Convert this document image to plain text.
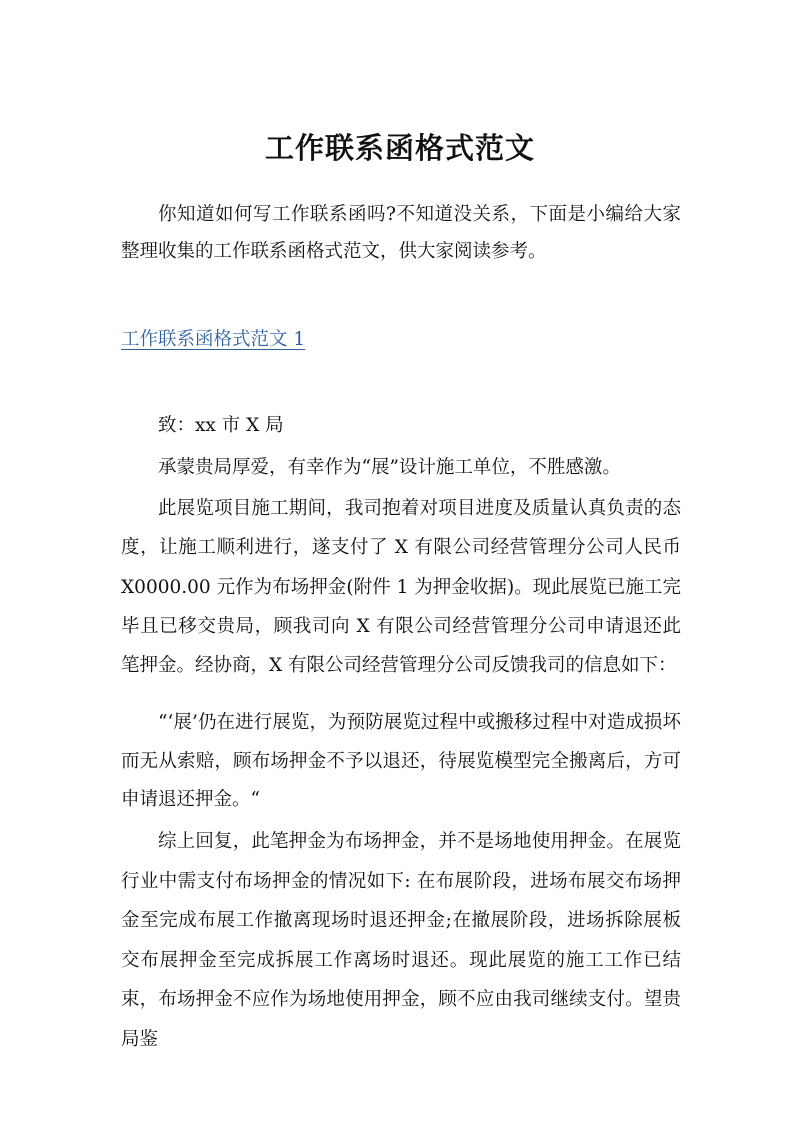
工作联系函格式范文

你知道如何写工作联系函吗?不知道没关系，下面是小编给大家整理收集的工作联系函格式范文，供大家阅读参考。

工作联系函格式范文 1

致：xx 市 X 局

承蒙贵局厚爱，有幸作为“展”设计施工单位，不胜感激。

此展览项目施工期间，我司抱着对项目进度及质量认真负责的态度，让施工顺利进行，遂支付了 X 有限公司经营管理分公司人民币 X0000.00 元作为布场押金(附件 1 为押金收据)。现此展览已施工完毕且已移交贵局，顾我司向 X 有限公司经营管理分公司申请退还此笔押金。经协商，X 有限公司经营管理分公司反馈我司的信息如下：

“‘展’仍在进行展览，为预防展览过程中或搬移过程中对造成损坏而无从索赔，顾布场押金不予以退还，待展览模型完全搬离后，方可申请退还押金。“

综上回复，此笔押金为布场押金，并不是场地使用押金。在展览行业中需支付布场押金的情况如下: 在布展阶段，进场布展交布场押金至完成布展工作撤离现场时退还押金;在撤展阶段，进场拆除展板交布展押金至完成拆展工作离场时退还。现此展览的施工工作已结束，布场押金不应作为场地使用押金，顾不应由我司继续支付。望贵局鉴
